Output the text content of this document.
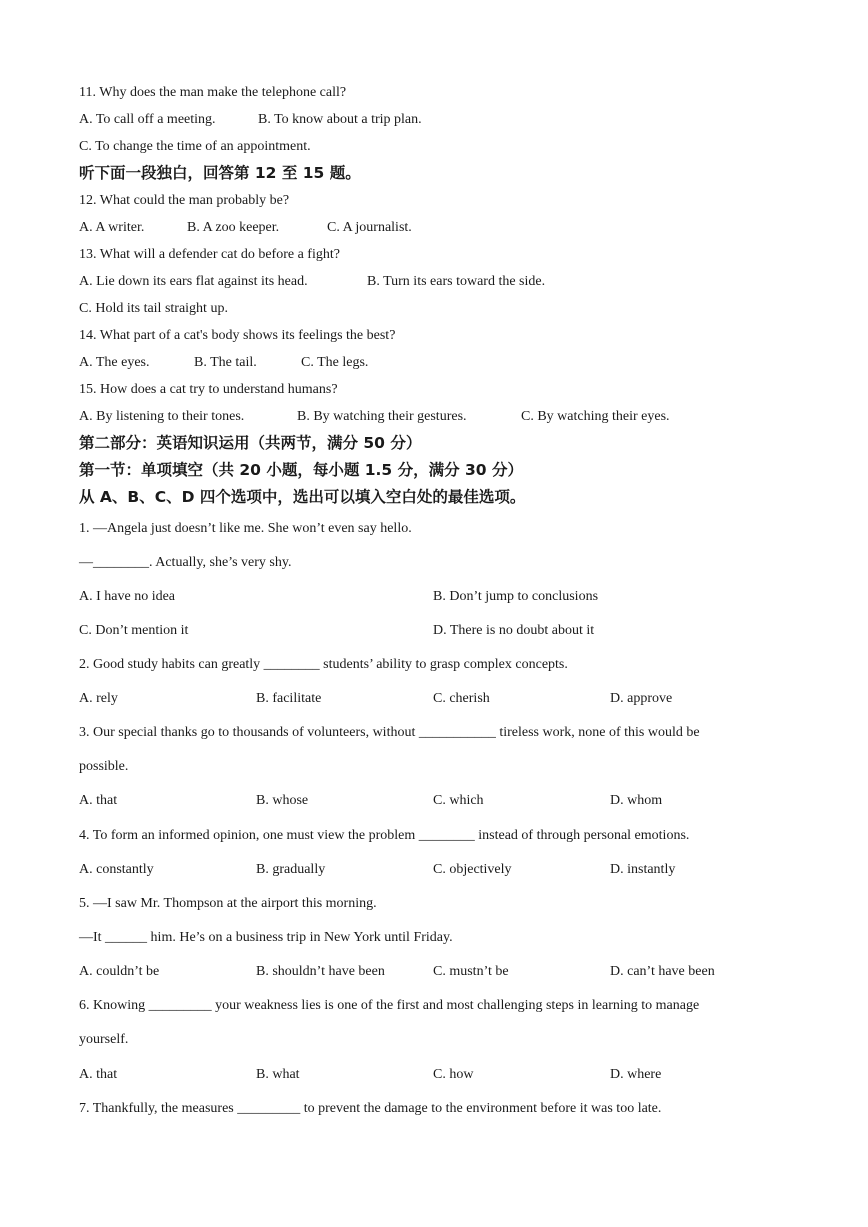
11. Why does the man make the telephone call?
A. To call off a meeting.	B. To know about a trip plan.
C. To change the time of an appointment.
听下面一段独白，回答第 12 至 15 题。
12. What could the man probably be?
A. A writer.	B. A zoo keeper.	C. A journalist.
13. What will a defender cat do before a fight?
A. Lie down its ears flat against its head.	B. Turn its ears toward the side.
C. Hold its tail straight up.
14. What part of a cat's body shows its feelings the best?
A. The eyes.	B. The tail.	C. The legs.
15. How does a cat try to understand humans?
A. By listening to their tones.	B. By watching their gestures.	C. By watching their eyes.
第二部分：英语知识运用（共两节，满分 50 分）
第一节：单项填空（共 20 小题，每小题 1.5 分，满分 30 分）
从 A、B、C、D 四个选项中，选出可以填入空白处的最佳选项。
1. —Angela just doesn’t like me. She won’t even say hello.
—________. Actually, she’s very shy.
A. I have no idea	B. Don’t jump to conclusions
C. Don’t mention it	D. There is no doubt about it
2. Good study habits can greatly ________ students’ ability to grasp complex concepts.
A. rely	B. facilitate	C. cherish	D. approve
3. Our special thanks go to thousands of volunteers, without ___________ tireless work, none of this would be
possible.
A. that	B. whose	C. which	D. whom
4. To form an informed opinion, one must view the problem ________ instead of through personal emotions.
A. constantly	B. gradually	C. objectively	D. instantly
5. —I saw Mr. Thompson at the airport this morning.
—It ______ him. He’s on a business trip in New York until Friday.
A. couldn’t be	B. shouldn’t have been	C. mustn’t be	D. can’t have been
6. Knowing _________ your weakness lies is one of the first and most challenging steps in learning to manage
yourself.
A. that	B. what	C. how	D. where
7. Thankfully, the measures _________ to prevent the damage to the environment before it was too late.
